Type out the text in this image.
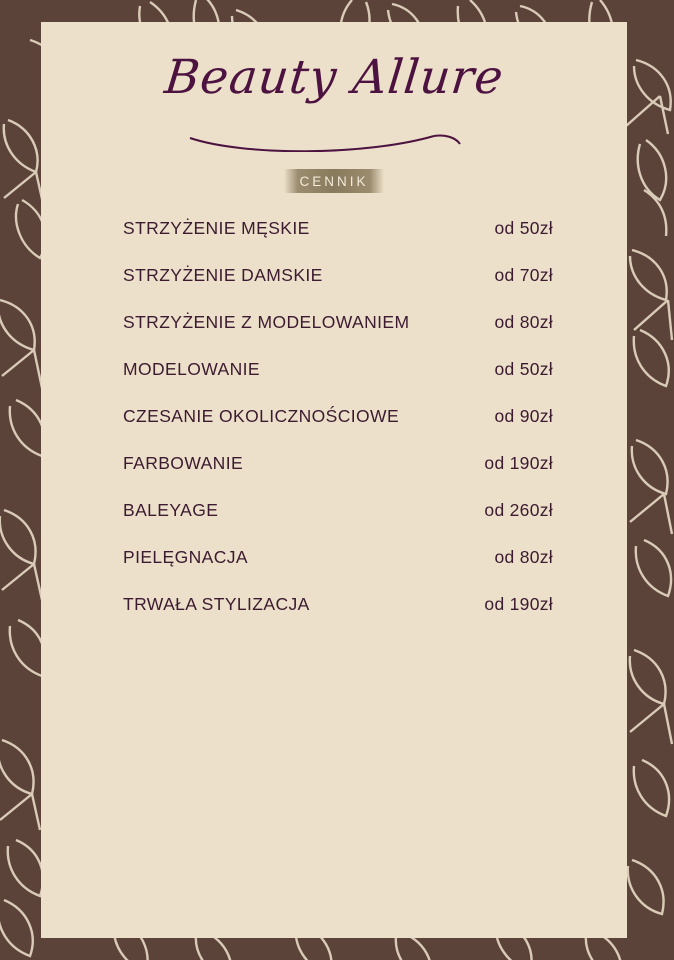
Beauty Allure
CENNIK
STRZYŻENIE MĘSKIE	od 50zł
STRZYŻENIE DAMSKIE	od 70zł
STRZYŻENIE Z MODELOWANIEM	od 80zł
MODELOWANIE	od 50zł
CZESANIE OKOLICZNOŚCIOWE	od 90zł
FARBOWANIE	od 190zł
BALEYAGE	od 260zł
PIELĘGNACJA	od 80zł
TRWAŁA STYLIZACJA	od 190zł
